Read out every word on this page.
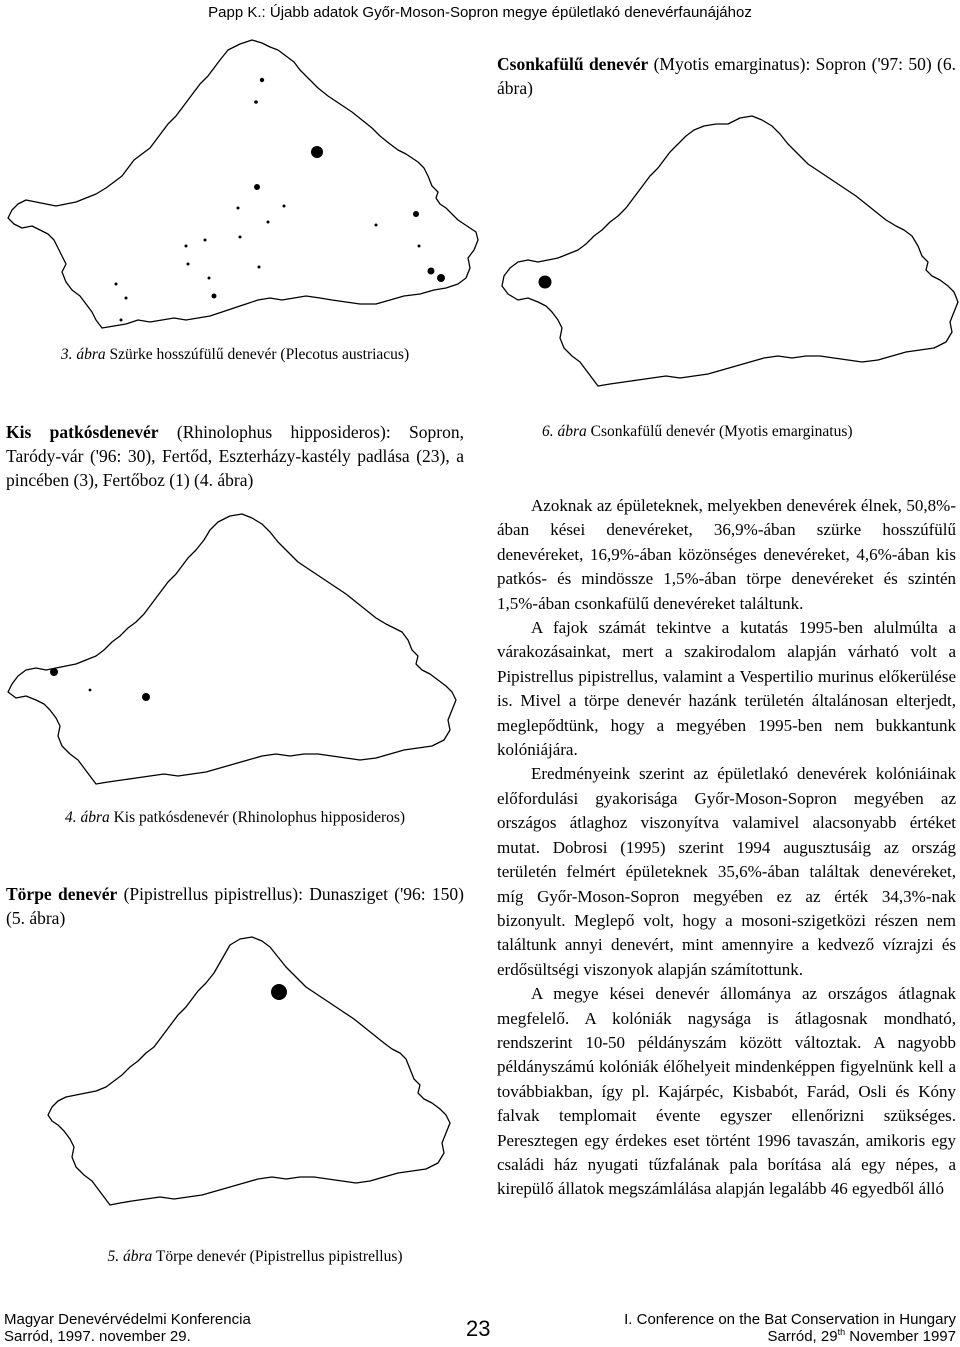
Papp K.: Újabb adatok Győr-Moson-Sopron megye épületlakó denevérfaunájához
3. ábra Szürke hosszúfülű denevér (Plecotus austriacus)
Kis patkósdenevér (Rhinolophus hipposideros): Sopron, Taródy-vár ('96: 30), Fertőd, Eszterházy-kastély padlása (23), a pincében (3), Fertőboz (1) (4. ábra)
4. ábra Kis patkósdenevér (Rhinolophus hipposideros)
Törpe denevér (Pipistrellus pipistrellus): Dunasziget ('96: 150) (5. ábra)
5. ábra Törpe denevér (Pipistrellus pipistrellus)
Csonkafülű denevér (Myotis emarginatus): Sopron ('97: 50) (6. ábra)
6. ábra Csonkafülű denevér (Myotis emarginatus)

Azoknak az épületeknek, melyekben denevérek élnek, 50,8%-ában kései denevéreket, 36,9%-ában szürke hosszúfülű denevéreket, 16,9%-ában közönséges denevéreket, 4,6%-ában kis patkós- és mindössze 1,5%-ában törpe denevéreket és szintén 1,5%-ában csonkafülű denevéreket találtunk.

A fajok számát tekintve a kutatás 1995-ben alulmúlta a várakozásainkat, mert a szakirodalom alapján várható volt a Pipistrellus pipistrellus, valamint a Vespertilio murinus előkerülése is. Mivel a törpe denevér hazánk területén általánosan elterjedt, meglepődtünk, hogy a megyében 1995-ben nem bukkantunk kolóniájára.

Eredményeink szerint az épületlakó denevérek kolóniáinak előfordulási gyakorisága Győr-Moson-Sopron megyében az országos átlaghoz viszonyítva valamivel alacsonyabb értéket mutat. Dobrosi (1995) szerint 1994 augusztusáig az ország területén felmért épületeknek 35,6%-ában találtak denevéreket, míg Győr-Moson-Sopron megyében ez az érték 34,3%-nak bizonyult. Meglepő volt, hogy a mosoni-szigetközi részen nem találtunk annyi denevért, mint amennyire a kedvező vízrajzi és erdősültségi viszonyok alapján számítottunk.

A megye kései denevér állománya az országos átlagnak megfelelő. A kolóniák nagysága is átlagosnak mondható, rendszerint 10-50 példányszám között változtak. A nagyobb példányszámú kolóniák élőhelyeit mindenképpen figyelnünk kell a továbbiakban, így pl. Kajárpéc, Kisbabót, Farád, Osli és Kóny falvak templomait évente egyszer ellenőrizni szükséges. Peresztegen egy érdekes eset történt 1996 tavaszán, amikoris egy családi ház nyugati tűzfalának pala borítása alá egy népes, a kirepülő állatok megszámlálása alapján legalább 46 egyedből álló

Magyar Denevérvédelmi Konferencia
Sarród, 1997. november 29.	23	I. Conference on the Bat Conservation in Hungary
Sarród, 29th November 1997
